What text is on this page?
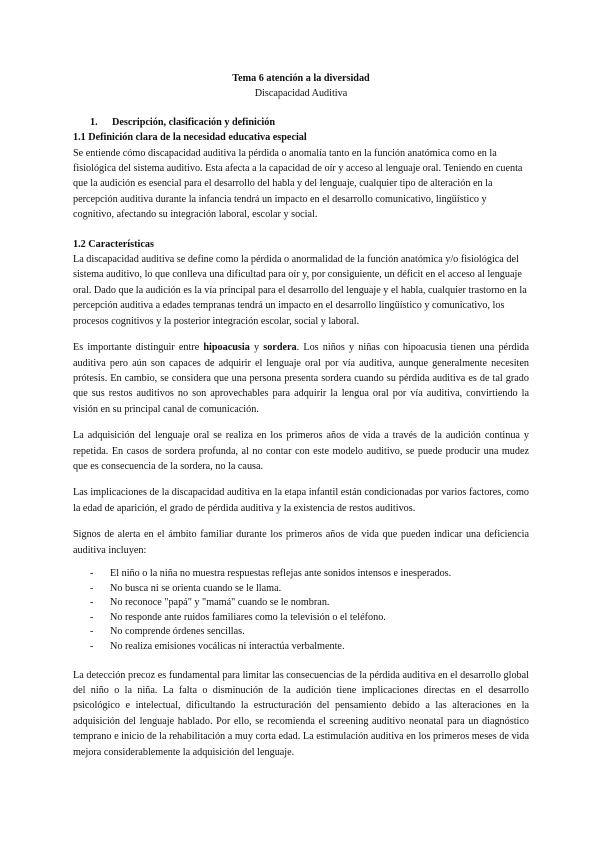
Tema 6 atención a la diversidad

Discapacidad Auditiva

1. Descripción, clasificación y definición

1.1 Definición clara de la necesidad educativa especial

Se entiende cómo discapacidad auditiva la pérdida o anomalía tanto en la función anatómica como en la fisiológica del sistema auditivo. Esta afecta a la capacidad de oír y acceso al lenguaje oral. Teniendo en cuenta que la audición es esencial para el desarrollo del habla y del lenguaje, cualquier tipo de alteración en la percepción auditiva durante la infancia tendrá un impacto en el desarrollo comunicativo, lingüístico y cognitivo, afectando su integración laboral, escolar y social.

1.2 Características

La discapacidad auditiva se define como la pérdida o anormalidad de la función anatómica y/o fisiológica del sistema auditivo, lo que conlleva una dificultad para oír y, por consiguiente, un déficit en el acceso al lenguaje oral. Dado que la audición es la vía principal para el desarrollo del lenguaje y el habla, cualquier trastorno en la percepción auditiva a edades tempranas tendrá un impacto en el desarrollo lingüístico y comunicativo, los procesos cognitivos y la posterior integración escolar, social y laboral.

Es importante distinguir entre hipoacusia y sordera. Los niños y niñas con hipoacusia tienen una pérdida auditiva pero aún son capaces de adquirir el lenguaje oral por vía auditiva, aunque generalmente necesiten prótesis. En cambio, se considera que una persona presenta sordera cuando su pérdida auditiva es de tal grado que sus restos auditivos no son aprovechables para adquirir la lengua oral por vía auditiva, convirtiendo la visión en su principal canal de comunicación.

La adquisición del lenguaje oral se realiza en los primeros años de vida a través de la audición continua y repetida. En casos de sordera profunda, al no contar con este modelo auditivo, se puede producir una mudez que es consecuencia de la sordera, no la causa.

Las implicaciones de la discapacidad auditiva en la etapa infantil están condicionadas por varios factores, como la edad de aparición, el grado de pérdida auditiva y la existencia de restos auditivos.

Signos de alerta en el ámbito familiar durante los primeros años de vida que pueden indicar una deficiencia auditiva incluyen:

- El niño o la niña no muestra respuestas reflejas ante sonidos intensos e inesperados.
- No busca ni se orienta cuando se le llama.
- No reconoce "papá" y "mamá" cuando se le nombran.
- No responde ante ruidos familiares como la televisión o el teléfono.
- No comprende órdenes sencillas.
- No realiza emisiones vocálicas ni interactúa verbalmente.

La detección precoz es fundamental para limitar las consecuencias de la pérdida auditiva en el desarrollo global del niño o la niña. La falta o disminución de la audición tiene implicaciones directas en el desarrollo psicológico e intelectual, dificultando la estructuración del pensamiento debido a las alteraciones en la adquisición del lenguaje hablado. Por ello, se recomienda el screening auditivo neonatal para un diagnóstico temprano e inicio de la rehabilitación a muy corta edad. La estimulación auditiva en los primeros meses de vida mejora considerablemente la adquisición del lenguaje.
